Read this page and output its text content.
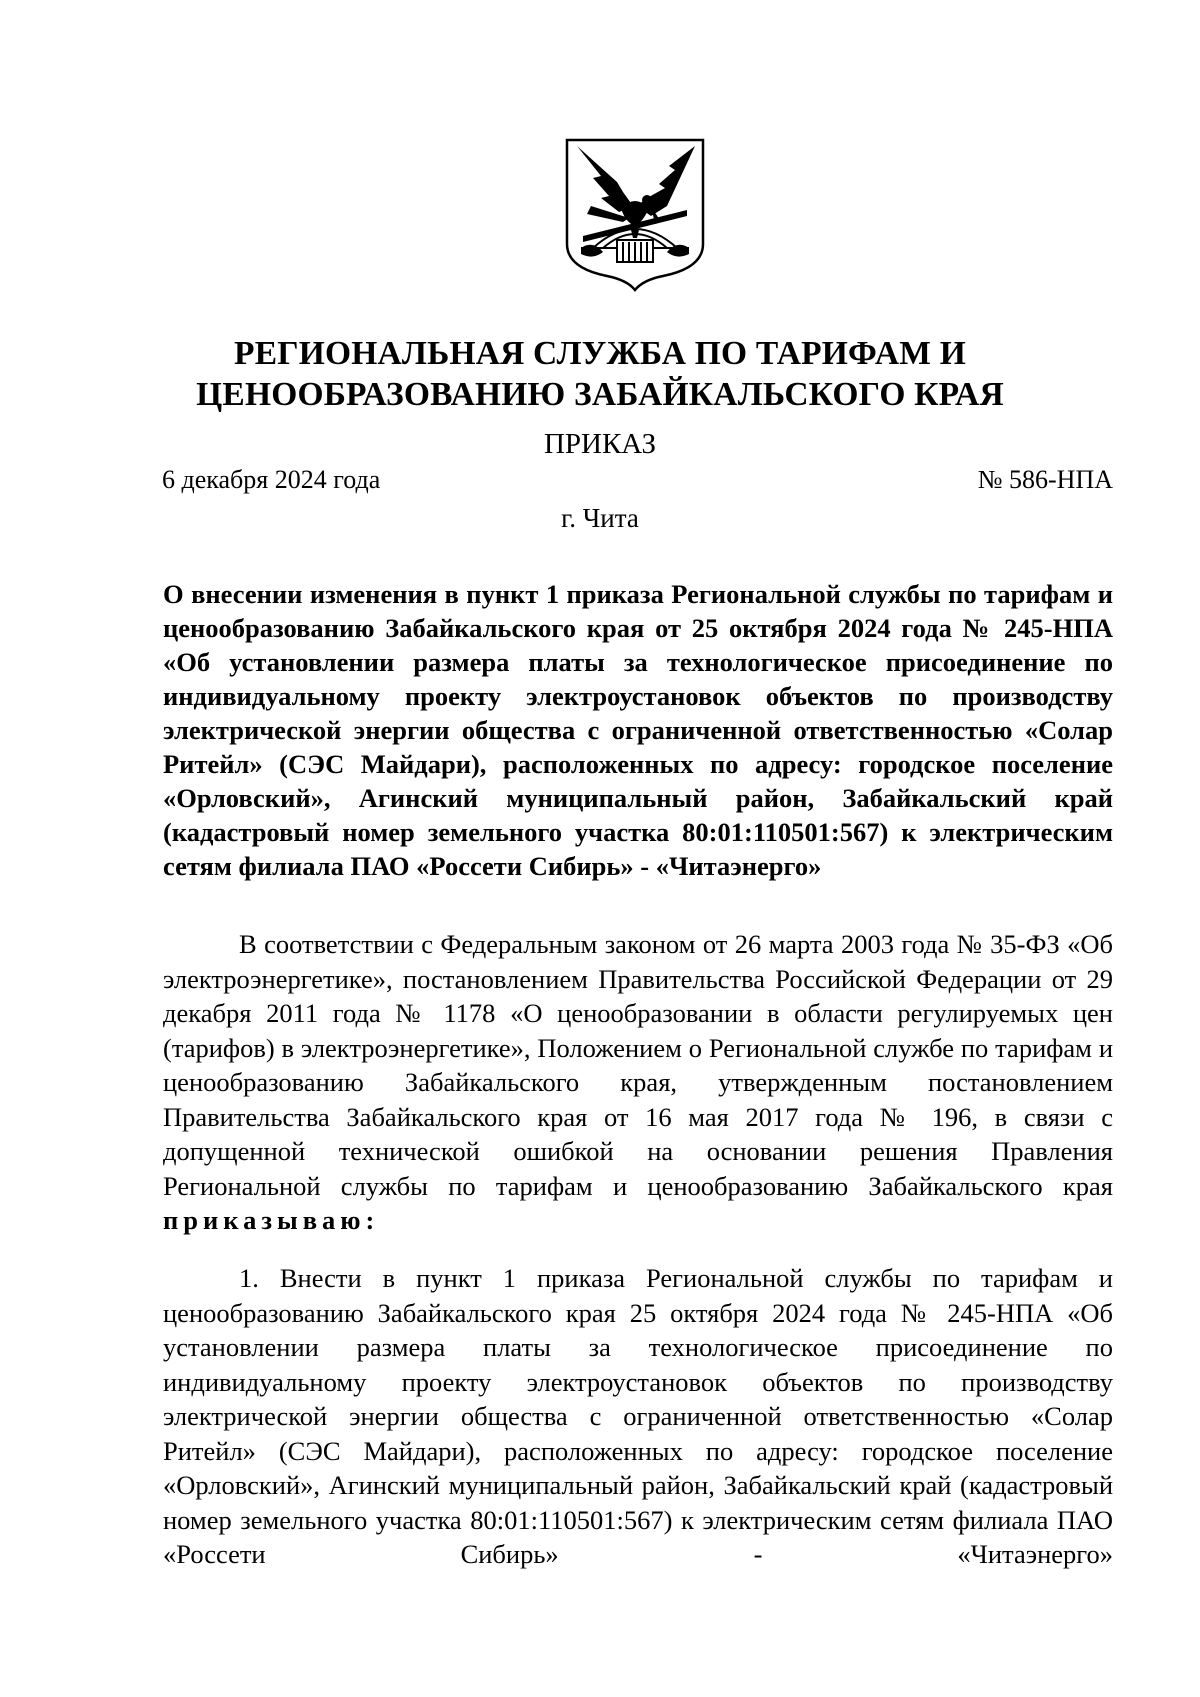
РЕГИОНАЛЬНАЯ СЛУЖБА ПО ТАРИФАМ И
ЦЕНООБРАЗОВАНИЮ ЗАБАЙКАЛЬСКОГО КРАЯ
ПРИКАЗ
6 декабря 2024 года	№ 586-НПА
г. Чита
О внесении изменения в пункт 1 приказа Региональной службы по тарифам и ценообразованию Забайкальского края от 25 октября 2024 года № 245-НПА «Об установлении размера платы за технологическое присоединение по индивидуальному проекту электроустановок объектов по производству электрической энергии общества с ограниченной ответственностью «Солар Ритейл» (СЭС Майдари), расположенных по адресу: городское поселение «Орловский», Агинский муниципальный район, Забайкальский край (кадастровый номер земельного участка 80:01:110501:567) к электрическим сетям филиала ПАО «Россети Сибирь» - «Читаэнерго»
В соответствии с Федеральным законом от 26 марта 2003 года № 35-ФЗ «Об электроэнергетике», постановлением Правительства Российской Федерации от 29 декабря 2011 года № 1178 «О ценообразовании в области регулируемых цен (тарифов) в электроэнергетике», Положением о Региональной службе по тарифам и ценообразованию Забайкальского края, утвержденным постановлением Правительства Забайкальского края от 16 мая 2017 года № 196, в связи с допущенной технической ошибкой на основании решения Правления Региональной службы по тарифам и ценообразованию Забайкальского края приказываю:
1. Внести в пункт 1 приказа Региональной службы по тарифам и ценообразованию Забайкальского края 25 октября 2024 года № 245-НПА «Об установлении размера платы за технологическое присоединение по индивидуальному проекту электроустановок объектов по производству электрической энергии общества с ограниченной ответственностью «Солар Ритейл» (СЭС Майдари), расположенных по адресу: городское поселение «Орловский», Агинский муниципальный район, Забайкальский край (кадастровый номер земельного участка 80:01:110501:567) к электрическим сетям филиала ПАО «Россети Сибирь» - «Читаэнерго»
